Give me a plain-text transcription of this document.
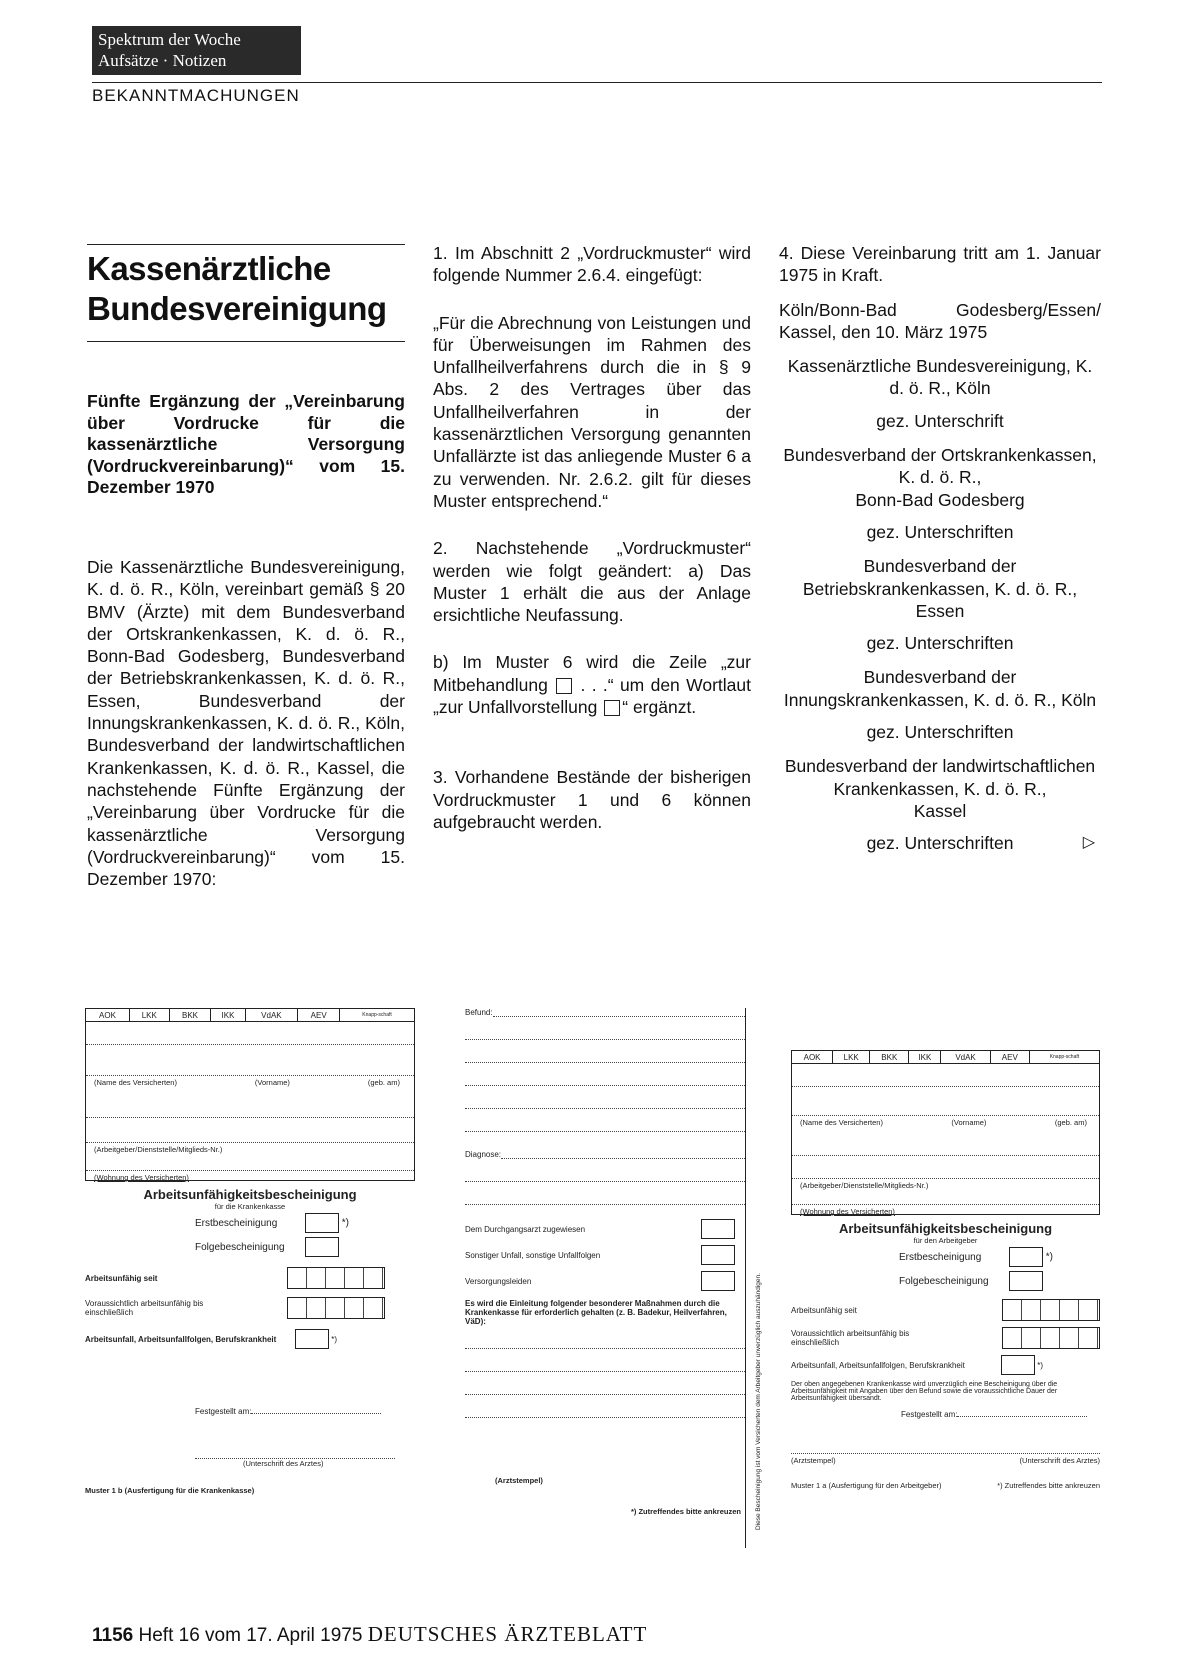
Spektrum der Woche
Aufsätze · Notizen
BEKANNTMACHUNGEN
Kassenärztliche
Bundesvereinigung
Fünfte Ergänzung der „Vereinbarung über Vordrucke für die kassenärztliche Versorgung (Vordruckvereinbarung)“ vom 15. Dezember 1970
Die Kassenärztliche Bundesvereinigung, K. d. ö. R., Köln, vereinbart gemäß § 20 BMV (Ärzte) mit dem Bundesverband der Ortskrankenkassen, K. d. ö. R., Bonn-Bad Godesberg, Bundesverband der Betriebskrankenkassen, K. d. ö. R., Essen, Bundesverband der Innungskrankenkassen, K. d. ö. R., Köln, Bundesverband der landwirtschaftlichen Krankenkassen, K. d. ö. R., Kassel, die nachstehende Fünfte Ergänzung der „Vereinbarung über Vordrucke für die kassenärztliche Versorgung (Vordruckvereinbarung)“ vom 15. Dezember 1970:

1. Im Abschnitt 2 „Vordruckmuster“ wird folgende Nummer 2.6.4. eingefügt:

„Für die Abrechnung von Leistungen und für Überweisungen im Rahmen des Unfallheilverfahrens durch die in § 9 Abs. 2 des Vertrages über das Unfallheilverfahren in der kassenärztlichen Versorgung genannten Unfallärzte ist das anliegende Muster 6 a zu verwenden. Nr. 2.6.2. gilt für dieses Muster entsprechend.“

2. Nachstehende „Vordruckmuster“ werden wie folgt geändert: a) Das Muster 1 erhält die aus der Anlage ersichtliche Neufassung.

b) Im Muster 6 wird die Zeile „zur Mitbehandlung . . .“ um den Wortlaut „zur Unfallvorstellung “ ergänzt.

3. Vorhandene Bestände der bisherigen Vordruckmuster 1 und 6 können aufgebraucht werden.

4. Diese Vereinbarung tritt am 1. Januar 1975 in Kraft.

Köln/Bonn-Bad Godesberg/Essen/ Kassel, den 10. März 1975

Kassenärztliche Bundesvereinigung, K. d. ö. R., Köln

gez. Unterschrift

Bundesverband der Ortskrankenkassen, K. d. ö. R.,
Bonn-Bad Godesberg

gez. Unterschriften

Bundesverband der Betriebskrankenkassen, K. d. ö. R., Essen

gez. Unterschriften

Bundesverband der Innungskrankenkassen, K. d. ö. R., Köln

gez. Unterschriften

Bundesverband der landwirtschaftlichen Krankenkassen, K. d. ö. R.,
Kassel

gez. Unterschriften	▷

AOK	LKK	BKK	IKK	VdAK	AEV	Knapp-schaft
(Name des Versicherten)	(Vorname)	(geb. am)
(Arbeitgeber/Dienststelle/Mitglieds-Nr.)
(Wohnung des Versicherten)
Arbeitsunfähigkeitsbescheinigung
für die Krankenkasse
Erstbescheinigung	*)
Folgebescheinigung
Arbeitsunfähig seit
Voraussichtlich arbeitsunfähig bis einschließlich
Arbeitsunfall, Arbeitsunfallfolgen, Berufskrankheit
	*)
Festgestellt am:
(Unterschrift des Arztes)
Muster 1 b (Ausfertigung für die Krankenkasse)
Befund:
Diagnose:
Dem Durchgangsarzt zugewiesen
Sonstiger Unfall, sonstige Unfallfolgen
Versorgungsleiden
Es wird die Einleitung folgender besonderer Maßnahmen durch die Krankenkasse für erforderlich gehalten (z. B. Badekur, Heilverfahren, VäD):
(Arztstempel)
*) Zutreffendes bitte ankreuzen	Diese Bescheinigung ist vom Versicherten dem Arbeitgeber unverzüglich auszuhändigen.
AOK	LKK	BKK	IKK	VdAK	AEV	Knapp-schaft
(Name des Versicherten)	(Vorname)	(geb. am)
(Arbeitgeber/Dienststelle/Mitglieds-Nr.)
(Wohnung des Versicherten)
Arbeitsunfähigkeitsbescheinigung
für den Arbeitgeber
Erstbescheinigung	*)
Folgebescheinigung
Arbeitsunfähig seit
Voraussichtlich arbeitsunfähig bis einschließlich
Arbeitsunfall, Arbeitsunfallfolgen, Berufskrankheit
	*)
Der oben angegebenen Krankenkasse wird unverzüglich eine Bescheinigung über die Arbeitsunfähigkeit mit Angaben über den Befund sowie die voraussichtliche Dauer der Arbeitsunfähigkeit übersandt.
Festgestellt am:
(Arztstempel)	(Unterschrift des Arztes)
Muster 1 a (Ausfertigung für den Arbeitgeber)	*) Zutreffendes bitte ankreuzen
1156 Heft 16 vom 17. April 1975 DEUTSCHES ÄRZTEBLATT
